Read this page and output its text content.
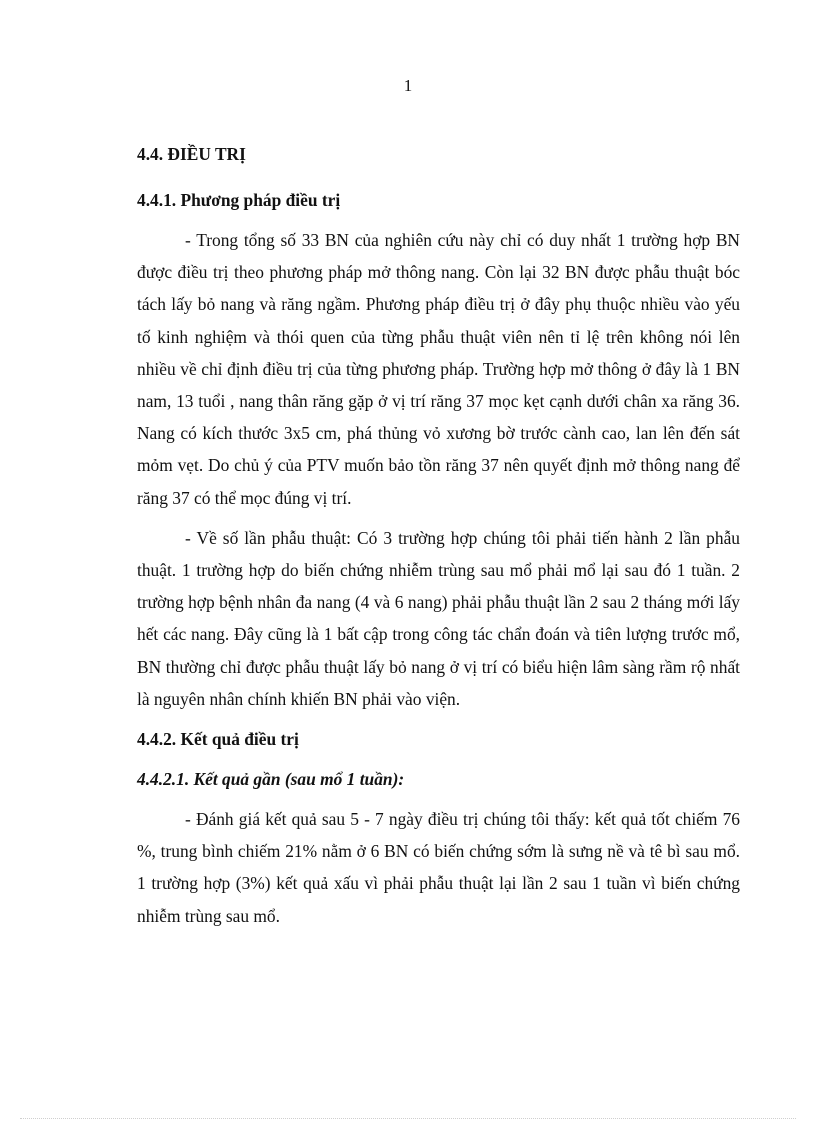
1
4.4. ĐIỀU TRỊ
4.4.1. Phương pháp điều trị

- Trong tổng số 33 BN của nghiên cứu này chỉ có duy nhất 1 trường hợp BN được điều trị theo phương pháp mở thông nang. Còn lại 32 BN được phẫu thuật bóc tách lấy bỏ nang và răng ngầm. Phương pháp điều trị ở đây phụ thuộc nhiều vào yếu tố kinh nghiệm và thói quen của từng phẫu thuật viên nên tỉ lệ trên không nói lên nhiều về chỉ định điều trị của từng phương pháp. Trường hợp mở thông ở đây là 1 BN nam, 13 tuổi , nang thân răng gặp ở vị trí răng 37 mọc kẹt cạnh dưới chân xa răng 36. Nang có kích thước 3x5 cm, phá thủng vỏ xương bờ trước cành cao, lan lên đến sát mỏm vẹt. Do chủ ý của PTV muốn bảo tồn răng 37 nên quyết định mở thông nang để răng 37 có thể mọc đúng vị trí.

- Về số lần phẫu thuật: Có 3 trường hợp chúng tôi phải tiến hành 2 lần phẫu thuật. 1 trường hợp do biến chứng nhiễm trùng sau mổ phải mổ lại sau đó 1 tuần. 2 trường hợp bệnh nhân đa nang (4 và 6 nang) phải phẫu thuật lần 2 sau 2 tháng mới lấy hết các nang. Đây cũng là 1 bất cập trong công tác chẩn đoán và tiên lượng trước mổ, BN thường chỉ được phẫu thuật lấy bỏ nang ở vị trí có biểu hiện lâm sàng rầm rộ nhất là nguyên nhân chính khiến BN phải vào viện.

4.4.2. Kết quả điều trị
4.4.2.1. Kết quả gần (sau mổ 1 tuần):

- Đánh giá kết quả sau 5 - 7 ngày điều trị chúng tôi thấy: kết quả tốt chiếm 76 %, trung bình chiếm 21% nằm ở 6 BN có biến chứng sớm là sưng nề và tê bì sau mổ. 1 trường hợp (3%) kết quả xấu vì phải phẫu thuật lại lần 2 sau 1 tuần vì biến chứng nhiễm trùng sau mổ.
